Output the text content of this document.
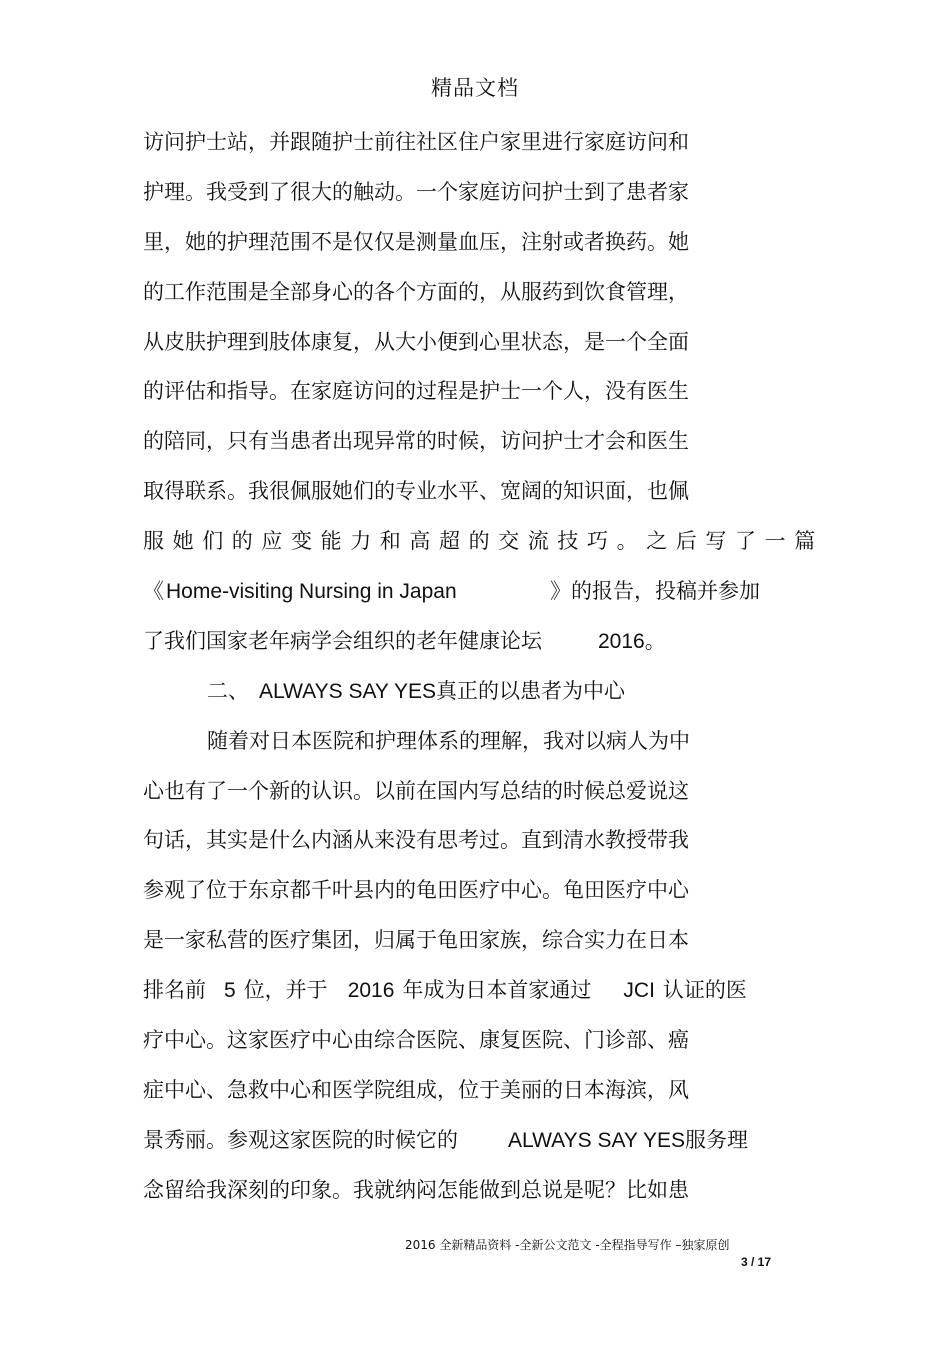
精品文档
访问护士站，并跟随护士前往社区住户家里进行家庭访问和
护理。我受到了很大的触动。一个家庭访问护士到了患者家
里，她的护理范围不是仅仅是测量血压，注射或者换药。她
的工作范围是全部身心的各个方面的，从服药到饮食管理，
从皮肤护理到肢体康复，从大小便到心里状态，是一个全面
的评估和指导。在家庭访问的过程是护士一个人，没有医生
的陪同，只有当患者出现异常的时候，访问护士才会和医生
取得联系。我很佩服她们的专业水平、宽阔的知识面，也佩
服她们的应变能力和高超的交流技巧。之后写了一篇
《Home-visiting Nursing in Japan	》的报告，投稿并参加
了我们国家老年病学会组织的老年健康论坛	2016。
二、 ALWAYS SAY YES真正的以患者为中心
随着对日本医院和护理体系的理解，我对以病人为中
心也有了一个新的认识。以前在国内写总结的时候总爱说这
句话，其实是什么内涵从来没有思考过。直到清水教授带我
参观了位于东京都千叶县内的龟田医疗中心。龟田医疗中心
是一家私营的医疗集团，归属于龟田家族，综合实力在日本
排名前 5 位，并于 2016 年成为日本首家通过 JCI 认证的医
疗中心。这家医疗中心由综合医院、康复医院、门诊部、癌
症中心、急救中心和医学院组成，位于美丽的日本海滨，风
景秀丽。参观这家医院的时候它的 ALWAYS SAY YES服务理
念留给我深刻的印象。我就纳闷怎能做到总说是呢？比如患
2016 全新精品资料 -全新公文范文 -全程指导写作 –独家原创
3 / 17
